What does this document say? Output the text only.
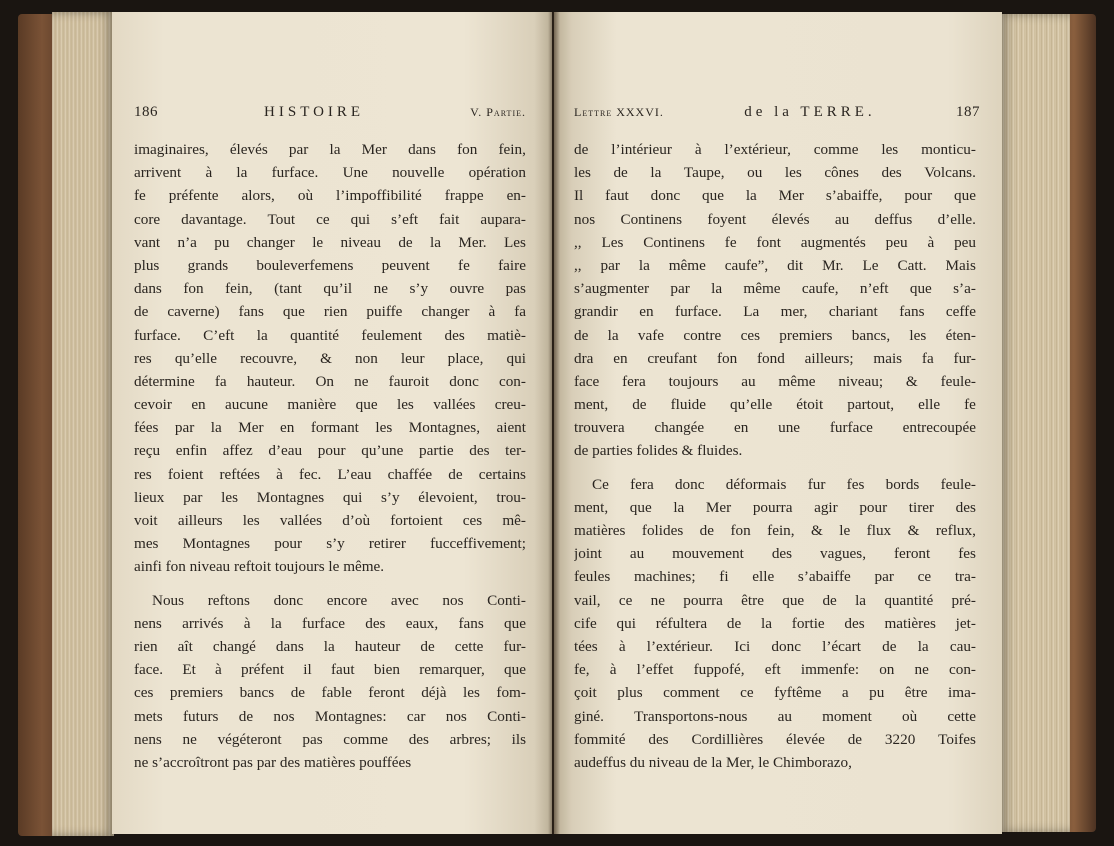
186	HISTOIRE	V. Partie.
imaginaires, élevés par la Mer dans fon fein,
arrivent à la furface. Une nouvelle opération
fe préfente alors, où l’impoffibilité frappe en-
core davantage. Tout ce qui s’eft fait aupara-
vant n’a pu changer le niveau de la Mer. Les
plus grands bouleverfemens peuvent fe faire
dans fon fein, (tant qu’il ne s’y ouvre pas
de caverne) fans que rien puiffe changer à fa
furface. C’eft la quantité feulement des matiè-
res qu’elle recouvre, & non leur place, qui
détermine fa hauteur. On ne fauroit donc con-
cevoir en aucune manière que les vallées creu-
fées par la Mer en formant les Montagnes, aient
reçu enfin affez d’eau pour qu’une partie des ter-
res foient reftées à fec. L’eau chaffée de certains
lieux par les Montagnes qui s’y élevoient, trou-
voit ailleurs les vallées d’où fortoient ces mê-
mes Montagnes pour s’y retirer fucceffivement;
ainfi fon niveau reftoit toujours le même.
Nous reftons donc encore avec nos Conti-
nens arrivés à la furface des eaux, fans que
rien aît changé dans la hauteur de cette fur-
face. Et à préfent il faut bien remarquer, que
ces premiers bancs de fable feront déjà les fom-
mets futurs de nos Montagnes: car nos Conti-
nens ne végéteront pas comme des arbres; ils
ne s’accroîtront pas par des matières pouffées
Lettre XXXVI.	de la TERRE.	187
de l’intérieur à l’extérieur, comme les monticu-
les de la Taupe, ou les cônes des Volcans.
Il faut donc que la Mer s’abaiffe, pour que
nos Continens foyent élevés au deffus d’elle.
,, Les Continens fe font augmentés peu à peu
,, par la même caufe”, dit Mr. Le Catt. Mais
s’augmenter par la même caufe, n’eft que s’a-
grandir en furface. La mer, chariant fans ceffe
de la vafe contre ces premiers bancs, les éten-
dra en creufant fon fond ailleurs; mais fa fur-
face fera toujours au même niveau; & feule-
ment, de fluide qu’elle étoit partout, elle fe
trouvera changée en une furface entrecoupée
de parties folides & fluides.
Ce fera donc déformais fur fes bords feule-
ment, que la Mer pourra agir pour tirer des
matières folides de fon fein, & le flux & reflux,
joint au mouvement des vagues, feront fes
feules machines; fi elle s’abaiffe par ce tra-
vail, ce ne pourra être que de la quantité pré-
cife qui réfultera de la fortie des matières jet-
tées à l’extérieur. Ici donc l’écart de la cau-
fe, à l’effet fuppofé, eft immenfe: on ne con-
çoit plus comment ce fyftême a pu être ima-
giné. Transportons-nous au moment où cette
fommité des Cordillières élevée de 3220 Toifes
audeffus du niveau de la Mer, le Chimborazo,
